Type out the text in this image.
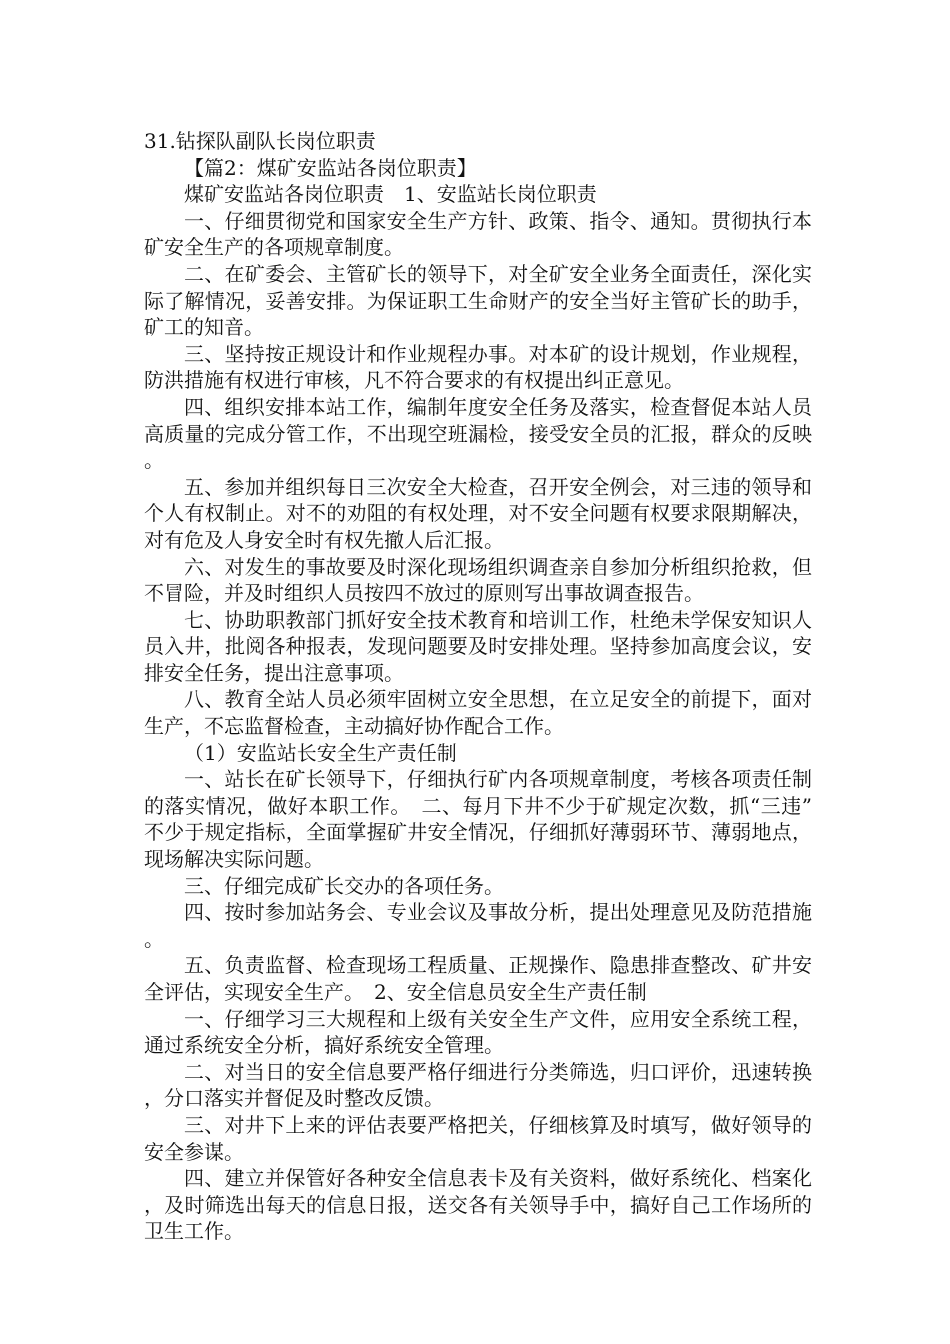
31.钻探队副队长岗位职责

【篇2：煤矿安监站各岗位职责】

煤矿安监站各岗位职责　1、安监站长岗位职责

一、仔细贯彻党和国家安全生产方针、政策、指令、通知。贯彻执行本矿安全生产的各项规章制度。

二、在矿委会、主管矿长的领导下，对全矿安全业务全面责任，深化实际了解情况，妥善安排。为保证职工生命财产的安全当好主管矿长的助手，矿工的知音。

三、坚持按正规设计和作业规程办事。对本矿的设计规划，作业规程，防洪措施有权进行审核，凡不符合要求的有权提出纠正意见。

四、组织安排本站工作，编制年度安全任务及落实，检查督促本站人员高质量的完成分管工作，不出现空班漏检，接受安全员的汇报，群众的反映。

五、参加并组织每日三次安全大检查，召开安全例会，对三违的领导和个人有权制止。对不的劝阻的有权处理，对不安全问题有权要求限期解决，对有危及人身安全时有权先撤人后汇报。

六、对发生的事故要及时深化现场组织调查亲自参加分析组织抢救，但不冒险，并及时组织人员按四不放过的原则写出事故调查报告。

七、协助职教部门抓好安全技术教育和培训工作，杜绝未学保安知识人员入井，批阅各种报表，发现问题要及时安排处理。坚持参加高度会议，安排安全任务，提出注意事项。

八、教育全站人员必须牢固树立安全思想，在立足安全的前提下，面对生产，不忘监督检查，主动搞好协作配合工作。

（1）安监站长安全生产责任制

一、站长在矿长领导下，仔细执行矿内各项规章制度，考核各项责任制的落实情况，做好本职工作。　二、每月下井不少于矿规定次数，抓“三违”不少于规定指标，全面掌握矿井安全情况，仔细抓好薄弱环节、薄弱地点，现场解决实际问题。

三、仔细完成矿长交办的各项任务。

四、按时参加站务会、专业会议及事故分析，提出处理意见及防范措施。

五、负责监督、检查现场工程质量、正规操作、隐患排查整改、矿井安全评估，实现安全生产。　2、安全信息员安全生产责任制

一、仔细学习三大规程和上级有关安全生产文件，应用安全系统工程，通过系统安全分析，搞好系统安全管理。

二、对当日的安全信息要严格仔细进行分类筛选，归口评价，迅速转换，分口落实并督促及时整改反馈。

三、对井下上来的评估表要严格把关，仔细核算及时填写，做好领导的安全参谋。

四、建立并保管好各种安全信息表卡及有关资料，做好系统化、档案化，及时筛选出每天的信息日报，送交各有关领导手中，搞好自己工作场所的卫生工作。
